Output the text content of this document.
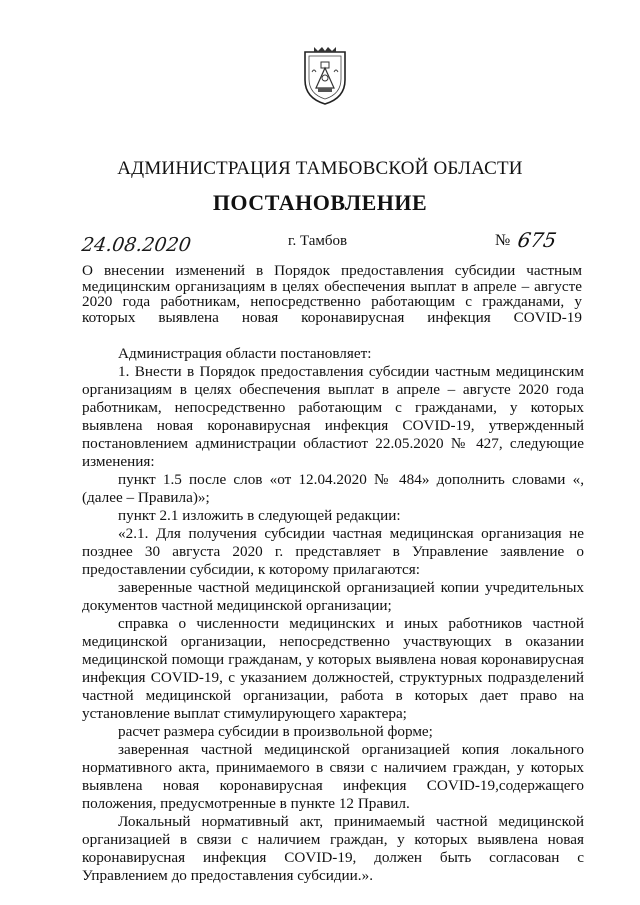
АДМИНИСТРАЦИЯ ТАМБОВСКОЙ ОБЛАСТИ
ПОСТАНОВЛЕНИЕ
24.08.2020	г. Тамбов	№ 675
О внесении изменений в Порядок предоставления субсидии частным медицинским организациям в целях обеспечения выплат в апреле – августе 2020 года работникам, непосредственно работающим с гражданами, у которых выявлена новая коронавирусная инфекция COVID-19

Администрация области постановляет:

1. Внести в Порядок предоставления субсидии частным медицинским организациям в целях обеспечения выплат в апреле – августе 2020 года работникам, непосредственно работающим с гражданами, у которых выявлена новая коронавирусная инфекция COVID-19, утвержденный постановлением администрации областиот 22.05.2020 № 427, следующие изменения:

пункт 1.5 после слов «от 12.04.2020 № 484» дополнить словами «, (далее – Правила)»;

пункт 2.1 изложить в следующей редакции:

«2.1. Для получения субсидии частная медицинская организация не позднее 30 августа 2020 г. представляет в Управление заявление о предоставлении субсидии, к которому прилагаются:

заверенные частной медицинской организацией копии учредительных документов частной медицинской организации;

справка о численности медицинских и иных работников частной медицинской организации, непосредственно участвующих в оказании медицинской помощи гражданам, у которых выявлена новая коронавирусная инфекция COVID-19, с указанием должностей, структурных подразделений частной медицинской организации, работа в которых дает право на установление выплат стимулирующего характера;

расчет размера субсидии в произвольной форме;

заверенная частной медицинской организацией копия локального нормативного акта, принимаемого в связи с наличием граждан, у которых выявлена новая коронавирусная инфекция COVID-19,содержащего положения, предусмотренные в пункте 12 Правил.

Локальный нормативный акт, принимаемый частной медицинской организацией в связи с наличием граждан, у которых выявлена новая коронавирусная инфекция COVID-19, должен быть согласован с Управлением до предоставления субсидии.».
